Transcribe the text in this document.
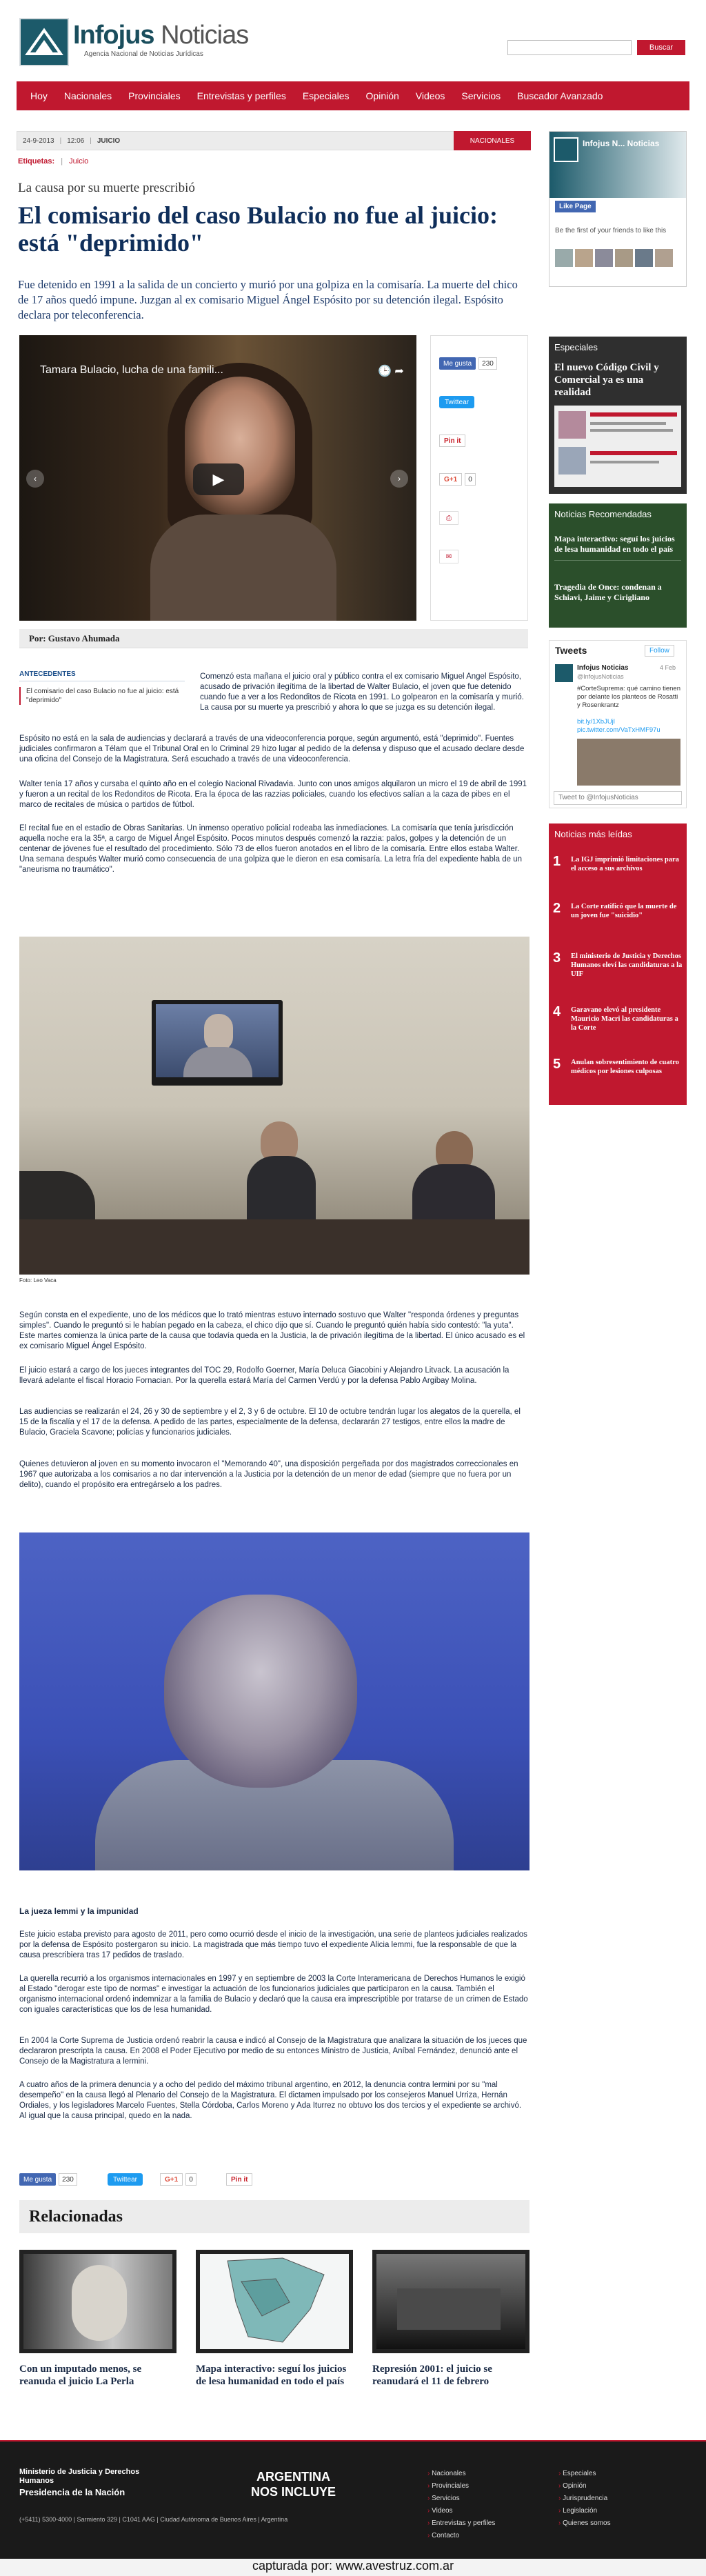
Infojus Noticias
Agencia Nacional de Noticias Jurídicas
Buscar
Hoy	Nacionales	Provinciales	Entrevistas y perfiles	Especiales	Opinión	Videos	Servicios	Buscador Avanzado
24-9-2013 | 12:06 | JUICIO	NACIONALES
Etiquetas: | Juicio
La causa por su muerte prescribió
El comisario del caso Bulacio no fue al juicio: está "deprimido"
Fue detenido en 1991 a la salida de un concierto y murió por una golpiza en la comisaría. La muerte del chico de 17 años quedó impune. Juzgan al ex comisario Miguel Ángel Espósito por su detención ilegal. Espósito declara por teleconferencia.
Tamara Bulacio, lucha de una famili...	🕒 ➦
▶
‹	›
Me gusta	230
Twittear
Pin it
G+1	0
⎙
✉
Por: Gustavo Ahumada
ANTECEDENTES
El comisario del caso Bulacio no fue al juicio: está "deprimido"
Comenzó esta mañana el juicio oral y público contra el ex comisario Miguel Angel Espósito, acusado de privación ilegítima de la libertad de Walter Bulacio, el joven que fue detenido cuando fue a ver a los Redonditos de Ricota en 1991. Lo golpearon en la comisaría y murió. La causa por su muerte ya prescribió y ahora lo que se juzga es su detención ilegal.
Espósito no está en la sala de audiencias y declarará a través de una videoconferencia porque, según argumentó, está "deprimido". Fuentes judiciales confirmaron a Télam que el Tribunal Oral en lo Criminal 29 hizo lugar al pedido de la defensa y dispuso que el acusado declare desde una oficina del Consejo de la Magistratura. Será escuchado a través de una videoconferencia.
Walter tenía 17 años y cursaba el quinto año en el colegio Nacional Rivadavia. Junto con unos amigos alquilaron un micro el 19 de abril de 1991 y fueron a un recital de los Redonditos de Ricota. Era la época de las razzias policiales, cuando los efectivos salían a la caza de pibes en el marco de recitales de música o partidos de fútbol.
El recital fue en el estadio de Obras Sanitarias. Un inmenso operativo policial rodeaba las inmediaciones. La comisaría que tenía jurisdicción aquella noche era la 35ª, a cargo de Miguel Ángel Espósito. Pocos minutos después comenzó la razzia: palos, golpes y la detención de un centenar de jóvenes fue el resultado del procedimiento. Sólo 73 de ellos fueron anotados en el libro de la comisaría. Entre ellos estaba Walter. Una semana después Walter murió como consecuencia de una golpiza que le dieron en esa comisaría. La letra fría del expediente habla de un "aneurisma no traumático".
Foto: Leo Vaca
Según consta en el expediente, uno de los médicos que lo trató mientras estuvo internado sostuvo que Walter "responda órdenes y preguntas simples". Cuando le preguntó si le habían pegado en la cabeza, el chico dijo que sí. Cuando le preguntó quién había sido contestó: "la yuta". Este martes comienza la única parte de la causa que todavía queda en la Justicia, la de privación ilegítima de la libertad. El único acusado es el ex comisario Miguel Ángel Espósito.
El juicio estará a cargo de los jueces integrantes del TOC 29, Rodolfo Goerner, María Deluca Giacobini y Alejandro Litvack. La acusación la llevará adelante el fiscal Horacio Fornacian. Por la querella estará María del Carmen Verdú y por la defensa Pablo Argibay Molina.
Las audiencias se realizarán el 24, 26 y 30 de septiembre y el 2, 3 y 6 de octubre. El 10 de octubre tendrán lugar los alegatos de la querella, el 15 de la fiscalía y el 17 de la defensa. A pedido de las partes, especialmente de la defensa, declararán 27 testigos, entre ellos la madre de Bulacio, Graciela Scavone; policías y funcionarios judiciales.
Quienes detuvieron al joven en su momento invocaron el "Memorando 40", una disposición pergeñada por dos magistrados correccionales en 1967 que autorizaba a los comisarios a no dar intervención a la Justicia por la detención de un menor de edad (siempre que no fuera por un delito), cuando el propósito era entregárselo a los padres.
La jueza lemmi y la impunidad
Este juicio estaba previsto para agosto de 2011, pero como ocurrió desde el inicio de la investigación, una serie de planteos judiciales realizados por la defensa de Espósito postergaron su inicio. La magistrada que más tiempo tuvo el expediente Alicia lemmi, fue la responsable de que la causa prescribiera tras 17 pedidos de traslado.
La querella recurrió a los organismos internacionales en 1997 y en septiembre de 2003 la Corte Interamericana de Derechos Humanos le exigió al Estado "derogar este tipo de normas" e investigar la actuación de los funcionarios judiciales que participaron en la causa. También el organismo internacional ordenó indemnizar a la familia de Bulacio y declaró que la causa era imprescriptible por tratarse de un crimen de Estado con iguales características que los de lesa humanidad.
En 2004 la Corte Suprema de Justicia ordenó reabrir la causa e indicó al Consejo de la Magistratura que analizara la situación de los jueces que declararon prescripta la causa. En 2008 el Poder Ejecutivo por medio de su entonces Ministro de Justicia, Aníbal Fernández, denunció ante el Consejo de la Magistratura a lermini.
A cuatro años de la primera denuncia y a ocho del pedido del máximo tribunal argentino, en 2012, la denuncia contra lermini por su "mal desempeño" en la causa llegó al Plenario del Consejo de la Magistratura. El dictamen impulsado por los consejeros Manuel Urriza, Hernán Ordiales, y los legisladores Marcelo Fuentes, Stella Córdoba, Carlos Moreno y Ada Iturrez no obtuvo los dos tercios y el expediente se archivó. Al igual que la causa principal, quedo en la nada.
Me gusta	230	Twittear	G+1	0	Pin it
Relacionadas
Con un imputado menos, se reanuda el juicio La Perla
Mapa interactivo: seguí los juicios de lesa humanidad en todo el país
Represión 2001: el juicio se reanudará el 11 de febrero
Infojus N... Noticias
Like Page
Be the first of your friends to like this
Especiales
El nuevo Código Civil y Comercial ya es una realidad
Noticias Recomendadas
Mapa interactivo: seguí los juicios de lesa humanidad en todo el país
Tragedia de Once: condenan a Schiavi, Jaime y Cirigliano
Tweets	Follow
Infojus Noticias
@InfojusNoticias
4 Feb
#CorteSuprema: qué camino tienen por delante los planteos de Rosatti y Rosenkrantz
bit.ly/1XbJUjl pic.twitter.com/VaTxHMF97u
Tweet to @InfojusNoticias
Noticias más leídas
1	La IGJ imprimió limitaciones para el acceso a sus archivos
2	La Corte ratificó que la muerte de un joven fue "suicidio"
3	El ministerio de Justicia y Derechos Humanos eleví las candidaturas a la UIF
4	Garavano elevó al presidente Mauricio Macri las candidaturas a la Corte
5	Anulan sobresentimiento de cuatro médicos por lesiones culposas
Ministerio de Justicia y Derechos Humanos
Presidencia de la Nación
ARGENTINA
NOS INCLUYE
(+5411) 5300-4000 | Sarmiento 329 | C1041 AAG | Ciudad Autónoma de Buenos Aires | Argentina
› Nacionales
› Provinciales
› Servicios
› Videos
› Entrevistas y perfiles
› Contacto
› Especiales
› Opinión
› Jurisprudencia
› Legislación
› Quienes somos
capturada por: www.avestruz.com.ar
